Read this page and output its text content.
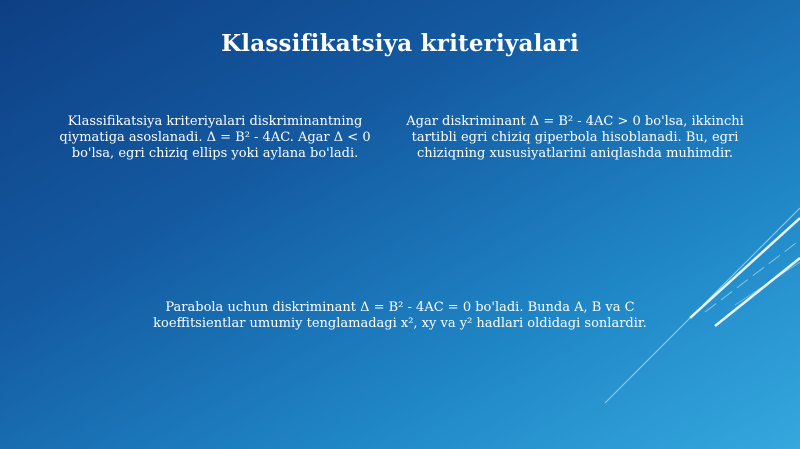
Klassifikatsiya kriteriyalari
Klassifikatsiya kriteriyalari diskriminantning qiymatiga asoslanadi. Δ = B² - 4AC. Agar Δ < 0 bo'lsa, egri chiziq ellips yoki aylana bo'ladi.
Agar diskriminant Δ = B² - 4AC > 0 bo'lsa, ikkinchi tartibli egri chiziq giperbola hisoblanadi. Bu, egri chiziqning xususiyatlarini aniqlashda muhimdir.
Parabola uchun diskriminant Δ = B² - 4AC = 0 bo'ladi. Bunda A, B va C koeffitsientlar umumiy tenglamadagi x², xy va y² hadlari oldidagi sonlardir.
